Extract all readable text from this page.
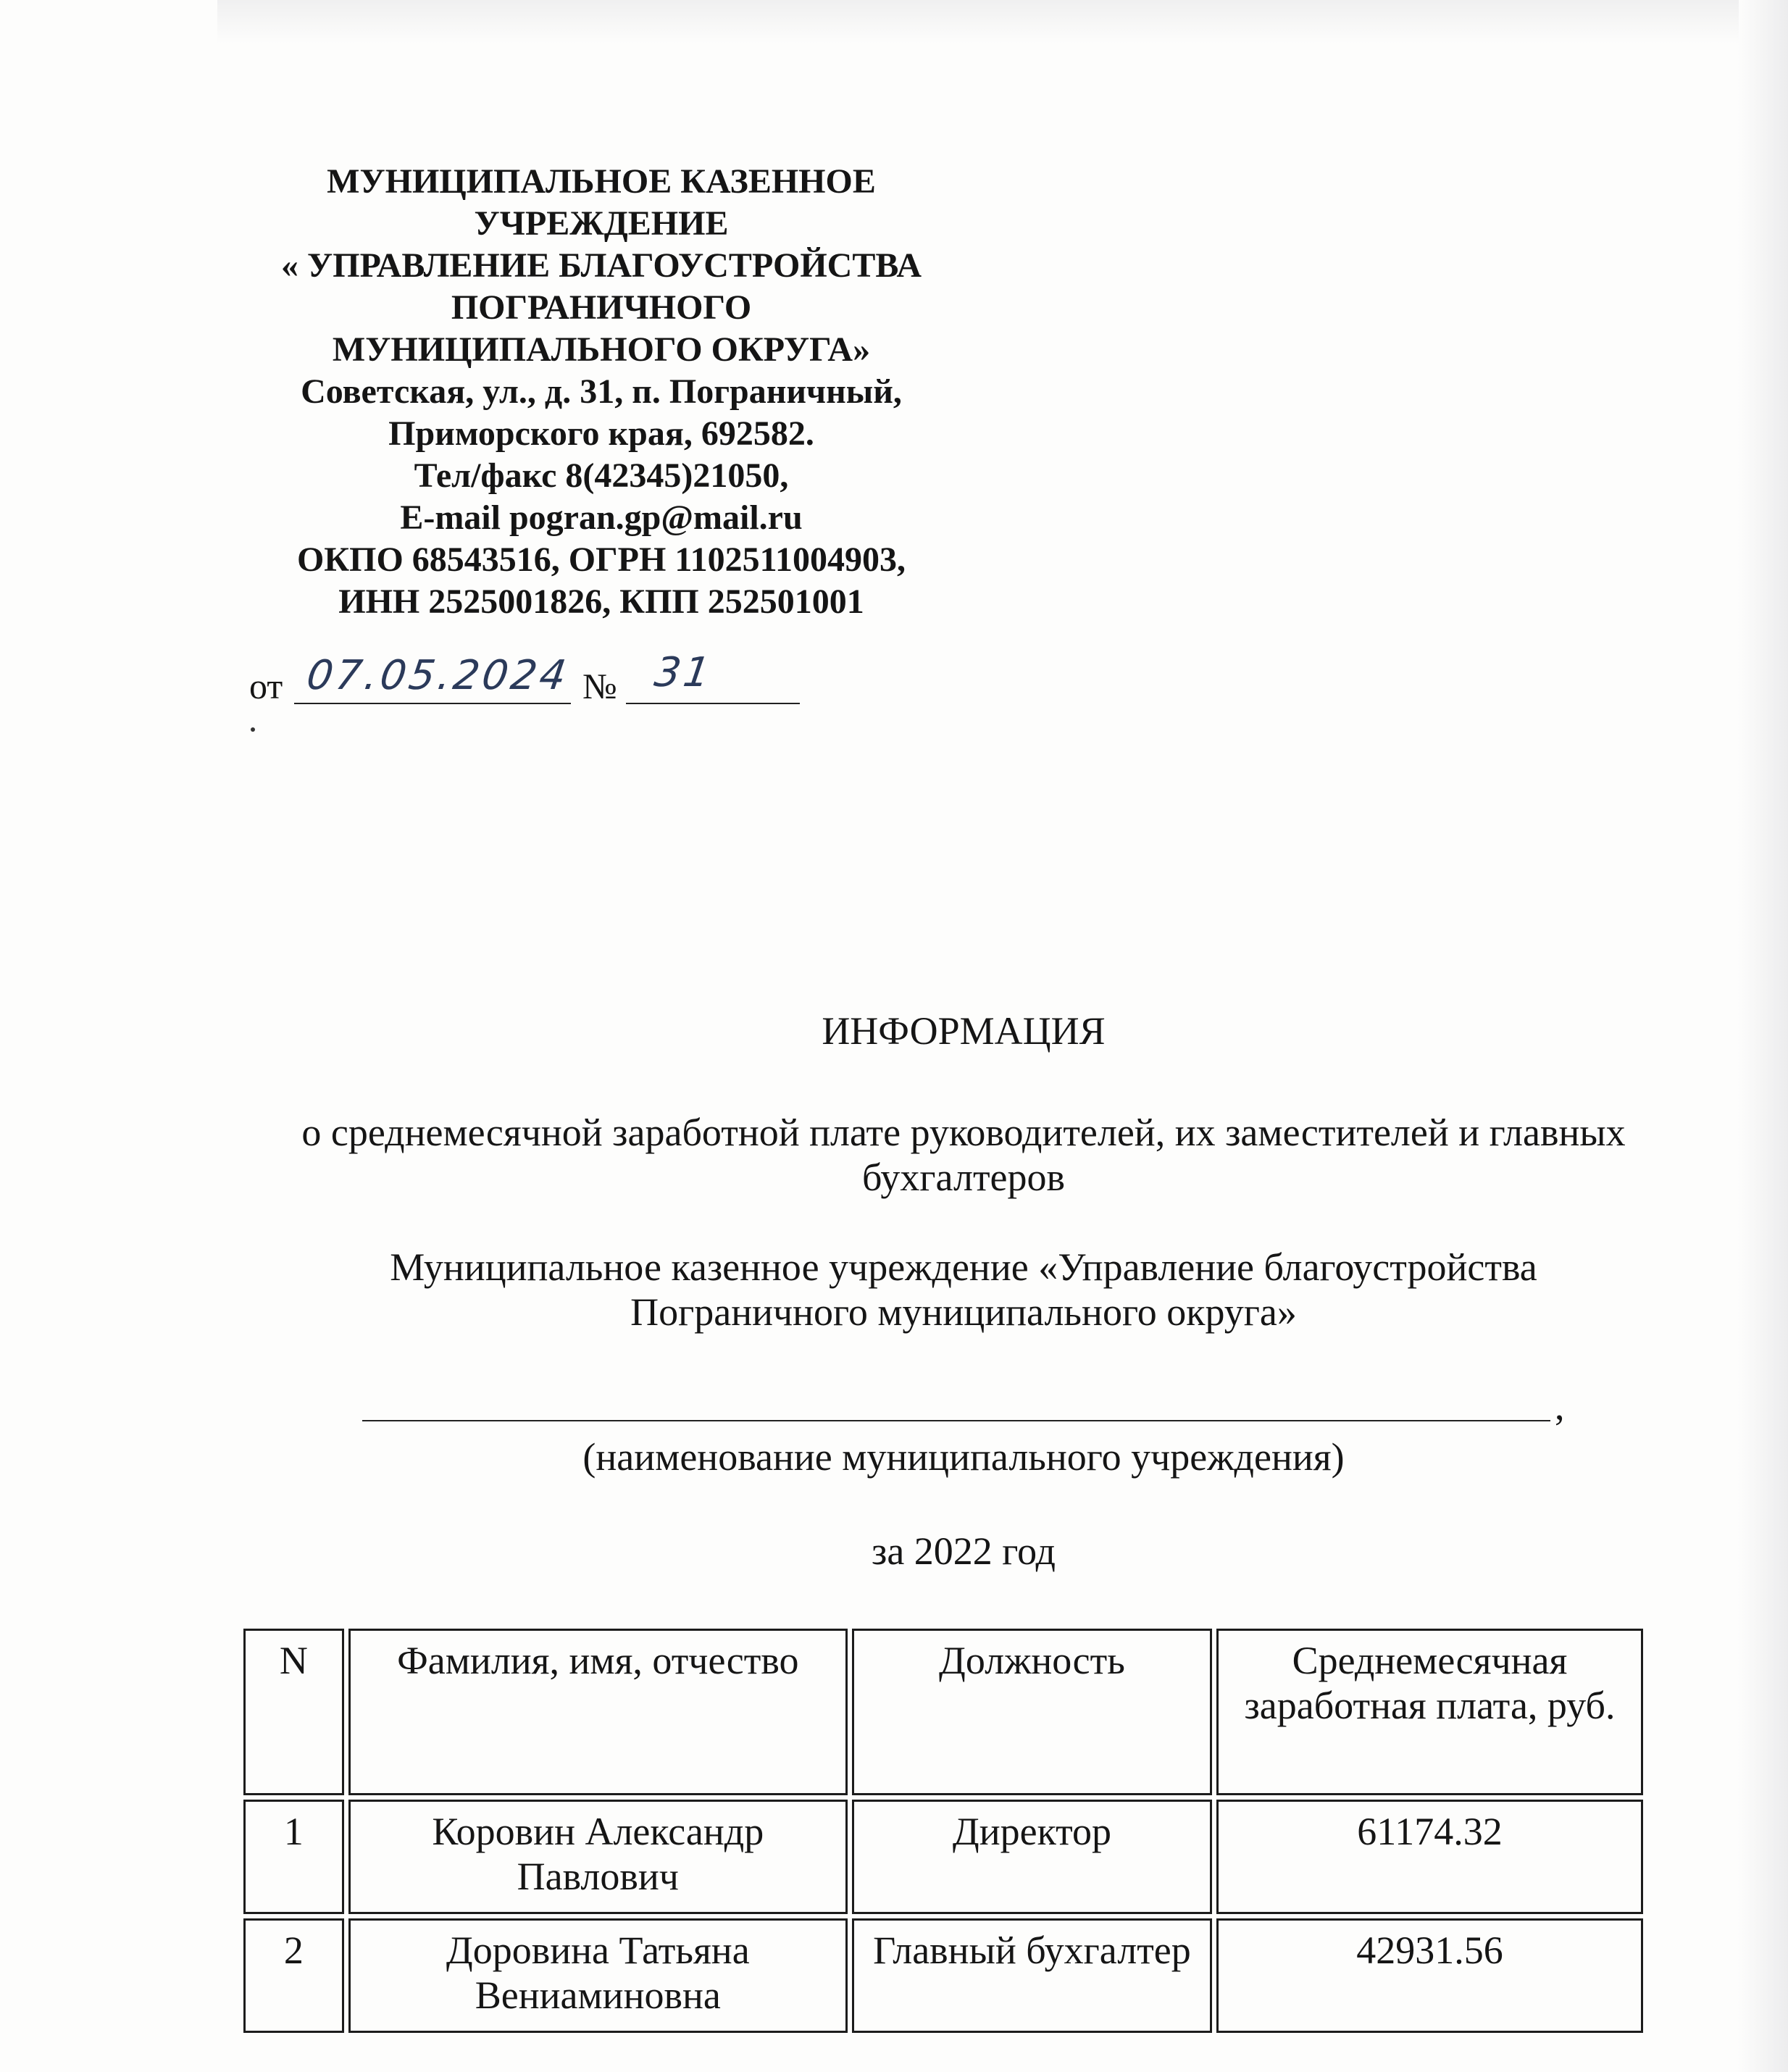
МУНИЦИПАЛЬНОЕ КАЗЕННОЕ
УЧРЕЖДЕНИЕ
« УПРАВЛЕНИЕ БЛАГОУСТРОЙСТВА
ПОГРАНИЧНОГО
МУНИЦИПАЛЬНОГО ОКРУГА»
Советская, ул., д. 31, п. Пограничный,
Приморского края, 692582.
Тел/факс 8(42345)21050,
E-mail pogran.gp@mail.ru
ОКПО 68543516, ОГРН 1102511004903,
ИНН 2525001826, КПП 252501001
от 07.05.2024 № 31
ИНФОРМАЦИЯ
о среднемесячной заработной плате руководителей, их заместителей и главных
бухгалтеров
Муниципальное казенное учреждение «Управление благоустройства
Пограничного муниципального округа»
,
(наименование муниципального учреждения)
за 2022 год
N	Фамилия, имя, отчество	Должность	Среднемесячная заработная плата, руб.
1	Коровин Александр Павлович	Директор	61174.32
2	Доровина Татьяна Вениаминовна	Главный бухгалтер	42931.56
